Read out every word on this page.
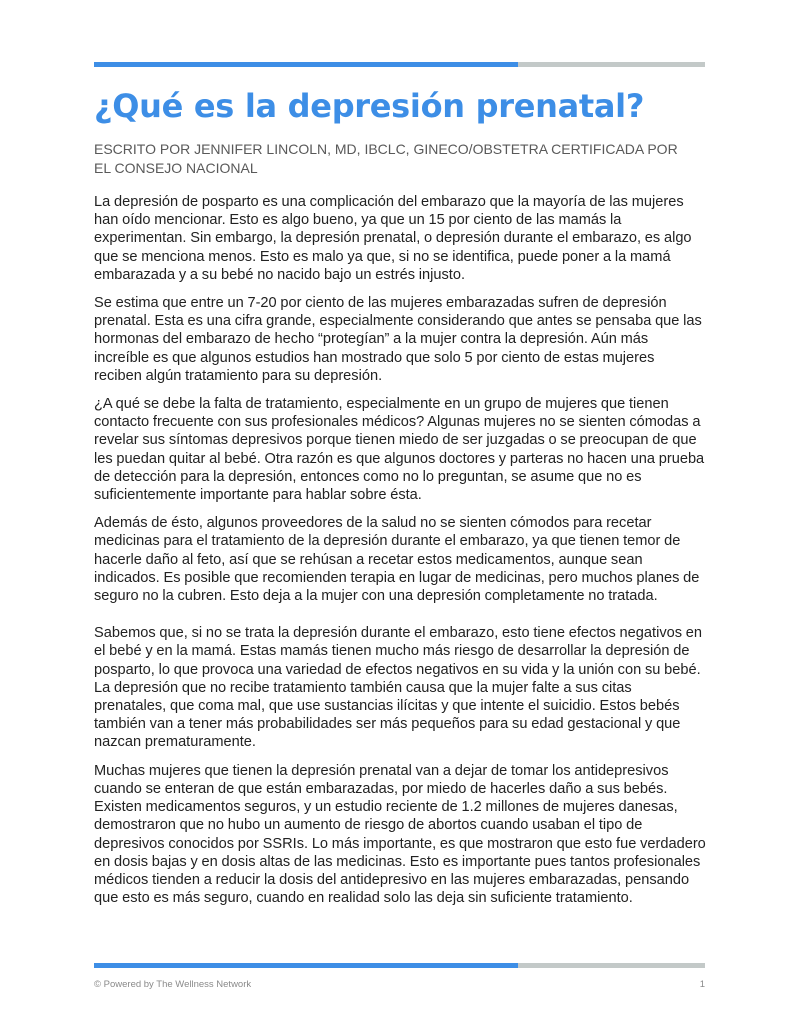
¿Qué es la depresión prenatal?

ESCRITO POR JENNIFER LINCOLN, MD, IBCLC, GINECO/OBSTETRA CERTIFICADA POR EL CONSEJO NACIONAL

La depresión de posparto es una complicación del embarazo que la mayoría de las mujeres han oído mencionar. Esto es algo bueno, ya que un 15 por ciento de las mamás la experimentan. Sin embargo, la depresión prenatal, o depresión durante el embarazo, es algo que se menciona menos. Esto es malo ya que, si no se identifica, puede poner a la mamá embarazada y a su bebé no nacido bajo un estrés injusto.

Se estima que entre un 7-20 por ciento de las mujeres embarazadas sufren de depresión prenatal. Esta es una cifra grande, especialmente considerando que antes se pensaba que las hormonas del embarazo de hecho “protegían” a la mujer contra la depresión. Aún más increíble es que algunos estudios han mostrado que solo 5 por ciento de estas mujeres reciben algún tratamiento para su depresión.

¿A qué se debe la falta de tratamiento, especialmente en un grupo de mujeres que tienen contacto frecuente con sus profesionales médicos? Algunas mujeres no se sienten cómodas a revelar sus síntomas depresivos porque tienen miedo de ser juzgadas o se preocupan de que les puedan quitar al bebé. Otra razón es que algunos doctores y parteras no hacen una prueba de detección para la depresión, entonces como no lo preguntan, se asume que no es suficientemente importante para hablar sobre ésta.

Además de ésto, algunos proveedores de la salud no se sienten cómodos para recetar medicinas para el tratamiento de la depresión durante el embarazo, ya que tienen temor de hacerle daño al feto, así que se rehúsan a recetar estos medicamentos, aunque sean indicados. Es posible que recomienden terapia en lugar de medicinas, pero muchos planes de seguro no la cubren. Esto deja a la mujer con una depresión completamente no tratada.

Sabemos que, si no se trata la depresión durante el embarazo, esto tiene efectos negativos en el bebé y en la mamá. Estas mamás tienen mucho más riesgo de desarrollar la depresión de posparto, lo que provoca una variedad de efectos negativos en su vida y la unión con su bebé. La depresión que no recibe tratamiento también causa que la mujer falte a sus citas prenatales, que coma mal, que use sustancias ilícitas y que intente el suicidio. Estos bebés también van a tener más probabilidades ser más pequeños para su edad gestacional y que nazcan prematuramente.

Muchas mujeres que tienen la depresión prenatal van a dejar de tomar los antidepresivos cuando se enteran de que están embarazadas, por miedo de hacerles daño a sus bebés. Existen medicamentos seguros, y un estudio reciente de 1.2 millones de mujeres danesas, demostraron que no hubo un aumento de riesgo de abortos cuando usaban el tipo de depresivos conocidos por SSRIs. Lo más importante, es que mostraron que esto fue verdadero en dosis bajas y en dosis altas de las medicinas. Esto es importante pues tantos profesionales médicos tienden a reducir la dosis del antidepresivo en las mujeres embarazadas, pensando que esto es más seguro, cuando en realidad solo las deja sin suficiente tratamiento.

© Powered by The Wellness Network	1
